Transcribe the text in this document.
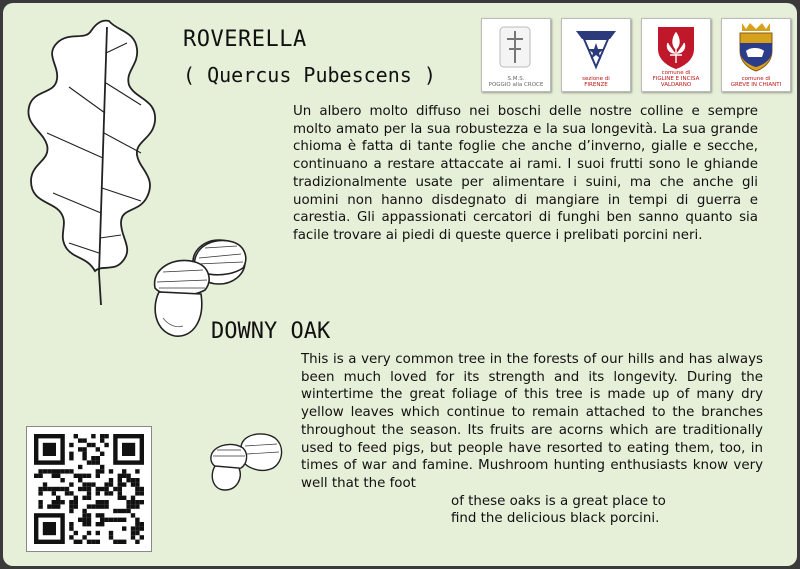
ROVERELLA
( Quercus Pubescens )	S.M.S.
POGGIO alla CROCE
sezione di
FIRENZE
comune di
FIGLINE E INCISA VALDARNO
comune di
GREVE IN CHIANTI

Un albero molto diffuso nei boschi delle nostre colline e sempre molto amato per la sua robustezza e la sua longevità. La sua grande chioma è fatta di tante foglie che anche d’inverno, gialle e secche, continuano a restare attaccate ai rami. I suoi frutti sono le ghiande tradizionalmente usate per alimentare i suini, ma che anche gli uomini non hanno disdegnato di mangiare in tempi di guerra e carestia. Gli appassionati cercatori di funghi ben sanno quanto sia facile trovare ai piedi di queste querce i prelibati porcini neri.

DOWNY OAK

This is a very common tree in the forests of our hills and has always been much loved for its strength and its longevity. During the wintertime the great foliage of this tree is made up of many dry yellow leaves which continue to remain attached to the branches throughout the season. Its fruits are acorns which are traditionally used to feed pigs, but people have resorted to eating them, too, in times of war and famine. Mushroom hunting enthusiasts know very well that the foot
of these oaks is a great place to
find the delicious black porcini.
